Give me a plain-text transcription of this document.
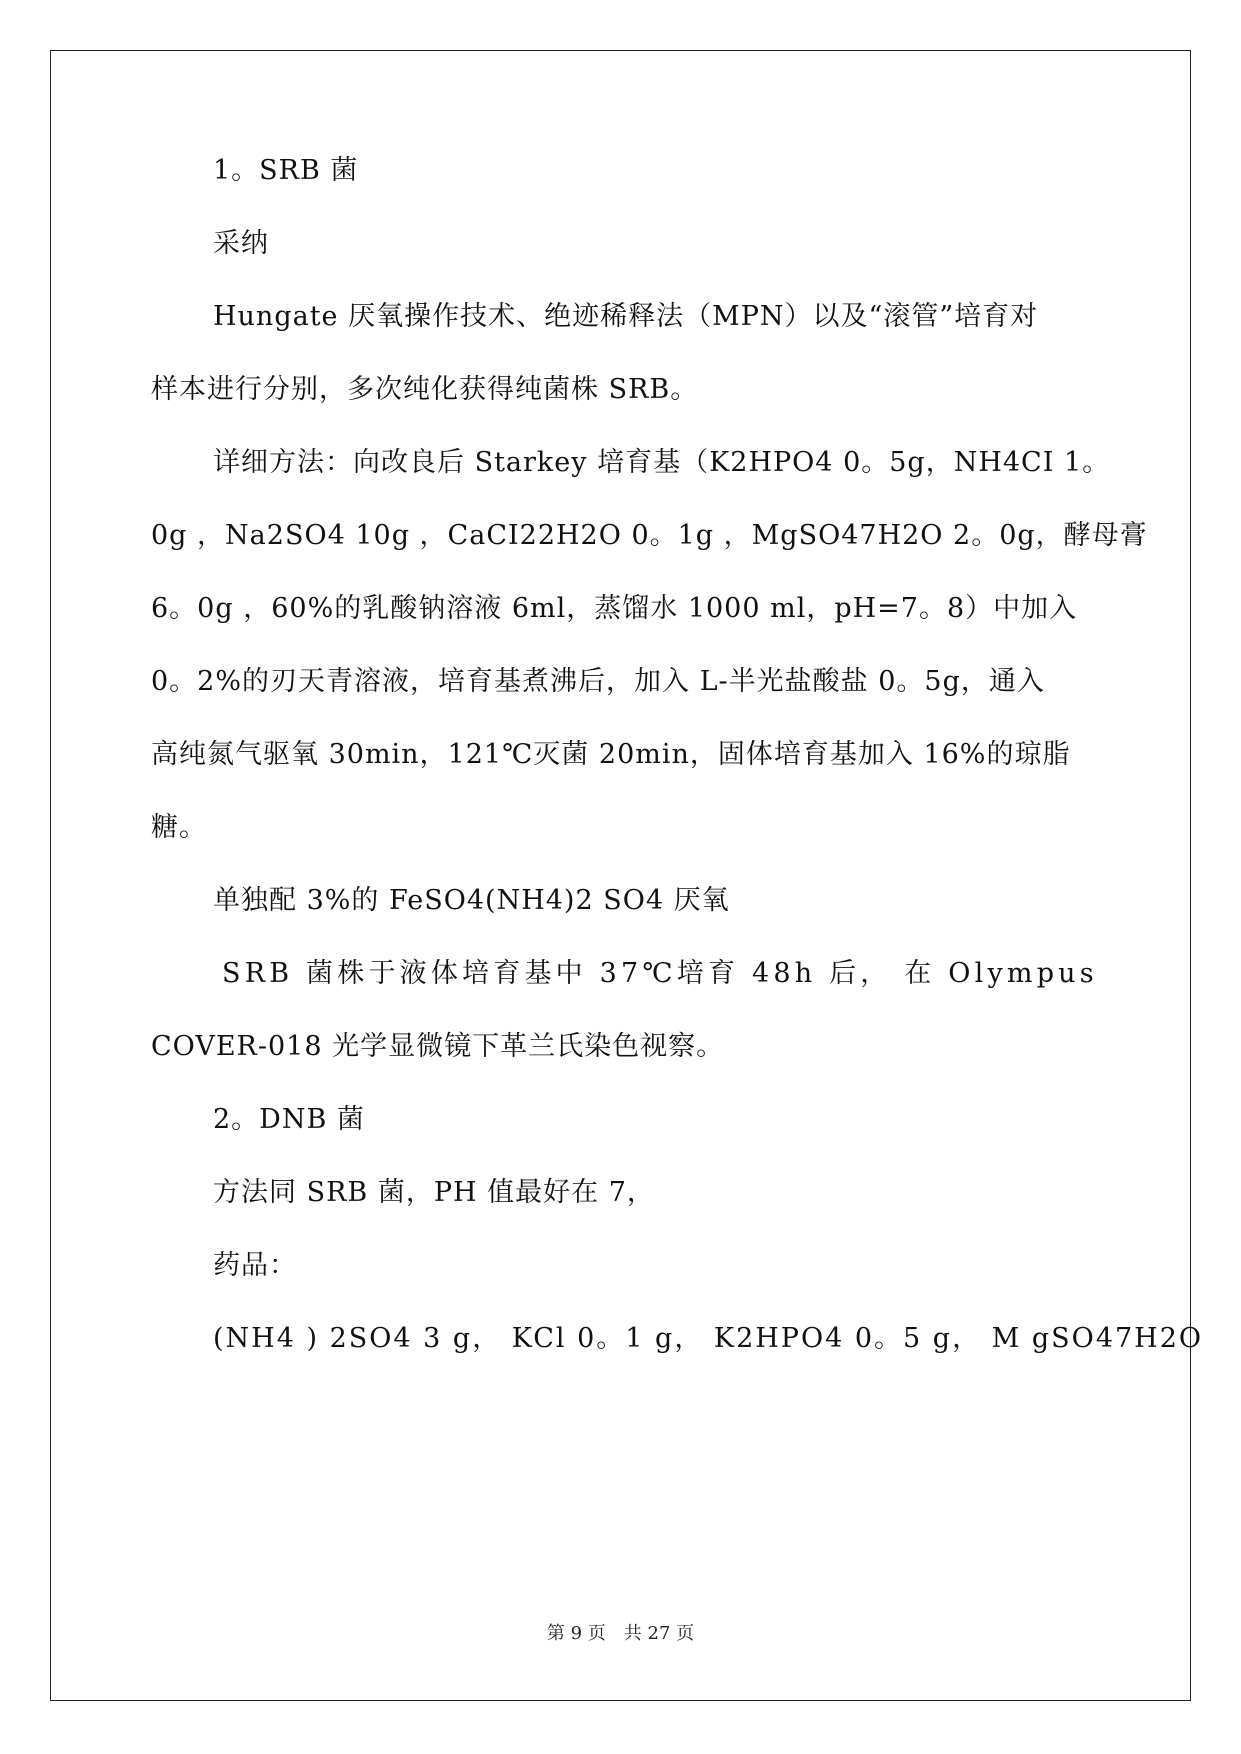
1。SRB 菌
采纳
Hungate 厌氧操作技术、绝迹稀释法（MPN）以及“滚管”培育对
样本进行分别，多次纯化获得纯菌株 SRB。
详细方法：向改良后 Starkey 培育基（K2HPO4 0。5g，NH4CI 1。
0g ，Na2SO4 10g ，CaCI22H2O 0。1g ，MgSO47H2O 2。0g，酵母膏
6。0g ，60%的乳酸钠溶液 6ml，蒸馏水 1000 ml，pH=7。8）中加入
0。2%的刃天青溶液，培育基煮沸后，加入 L-半光盐酸盐 0。5g，通入
高纯氮气驱氧 30min，121℃灭菌 20min，固体培育基加入 16%的琼脂
糖。
单独配 3%的 FeSO4(NH4)2 SO4 厌氧
SRB 菌株于液体培育基中 37℃培育 48h 后， 在 Olympus
COVER-018 光学显微镜下革兰氏染色视察。
2。DNB 菌
方法同 SRB 菌，PH 值最好在 7，
药品：
(NH4 ) 2SO4 3 g， KCl 0。1 g， K2HPO4 0。5 g， M gSO47H2O
第 9 页　共 27 页
